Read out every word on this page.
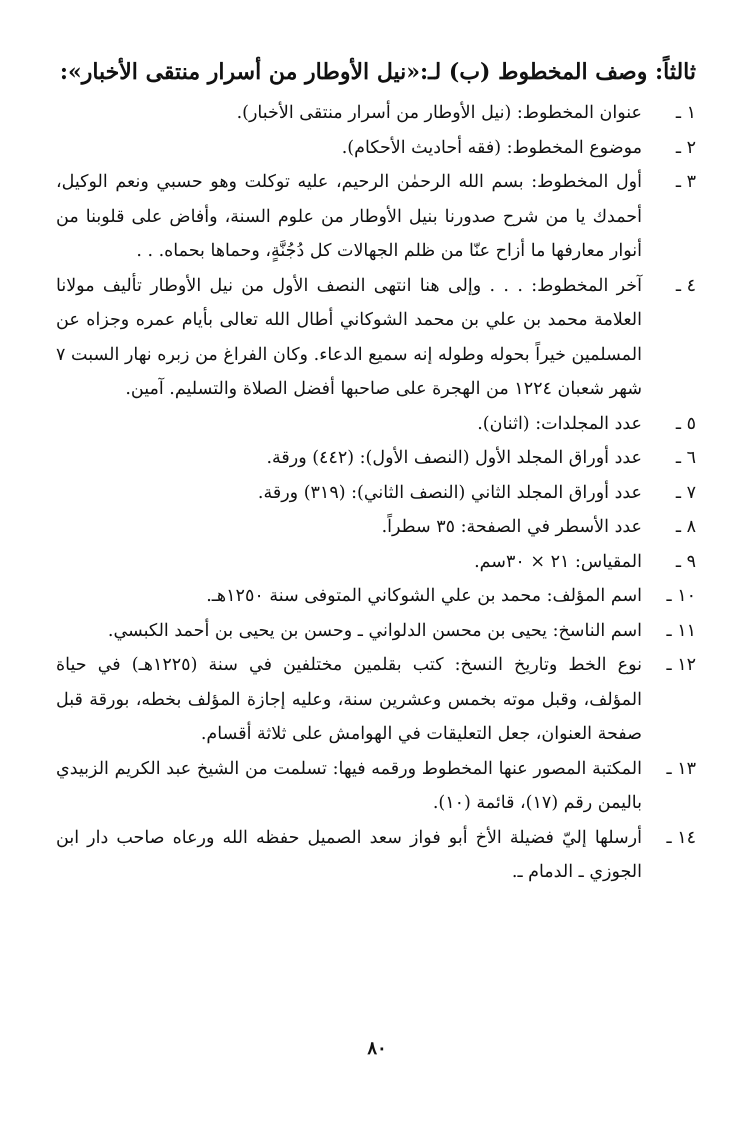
ثالثاً: وصف المخطوط (ب) لـ:«نيل الأوطار من أسرار منتقى الأخبار»:
١ ـ
عنوان المخطوط: (نيل الأوطار من أسرار منتقى الأخبار).
٢ ـ
موضوع المخطوط: (فقه أحاديث الأحكام).
٣ ـ
أول المخطوط: بسم الله الرحمٰن الرحيم، عليه توكلت وهو حسبي ونعم الوكيل، أحمدك يا من شرح صدورنا بنيل الأوطار من علوم السنة، وأفاض على قلوبنا من أنوار معارفها ما أزاح عنّا من ظلم الجهالات كل دُجُنَّةٍ، وحماها بحماه. . .
٤ ـ
آخر المخطوط: . . . وإلى هنا انتهى النصف الأول من نيل الأوطار تأليف مولانا العلامة محمد بن علي بن محمد الشوكاني أطال الله تعالى بأيام عمره وجزاه عن المسلمين خيراً بحوله وطوله إنه سميع الدعاء. وكان الفراغ من زبره نهار السبت ٧ شهر شعبان ١٢٢٤ من الهجرة على صاحبها أفضل الصلاة والتسليم. آمين.
٥ ـ
عدد المجلدات: (اثنان).
٦ ـ
عدد أوراق المجلد الأول (النصف الأول): (٤٤٢) ورقة.
٧ ـ
عدد أوراق المجلد الثاني (النصف الثاني): (٣١٩) ورقة.
٨ ـ
عدد الأسطر في الصفحة: ٣٥ سطراً.
٩ ـ
المقياس: ٢١ × ٣٠سم.
١٠ ـ
اسم المؤلف: محمد بن علي الشوكاني المتوفى سنة ١٢٥٠هـ.
١١ ـ
اسم الناسخ: يحيى بن محسن الدلواني ـ وحسن بن يحيى بن أحمد الكبسي.
١٢ ـ
نوع الخط وتاريخ النسخ: كتب بقلمين مختلفين في سنة (١٢٢٥هـ) في حياة المؤلف، وقبل موته بخمس وعشرين سنة، وعليه إجازة المؤلف بخطه، بورقة قبل صفحة العنوان، جعل التعليقات في الهوامش على ثلاثة أقسام.
١٣ ـ
المكتبة المصور عنها المخطوط ورقمه فيها: تسلمت من الشيخ عبد الكريم الزبيدي باليمن رقم (١٧)، قائمة (١٠).
١٤ ـ
أرسلها إليّ فضيلة الأخ أبو فواز سعد الصميل حفظه الله ورعاه صاحب دار ابن الجوزي ـ الدمام ـ.
٨٠
